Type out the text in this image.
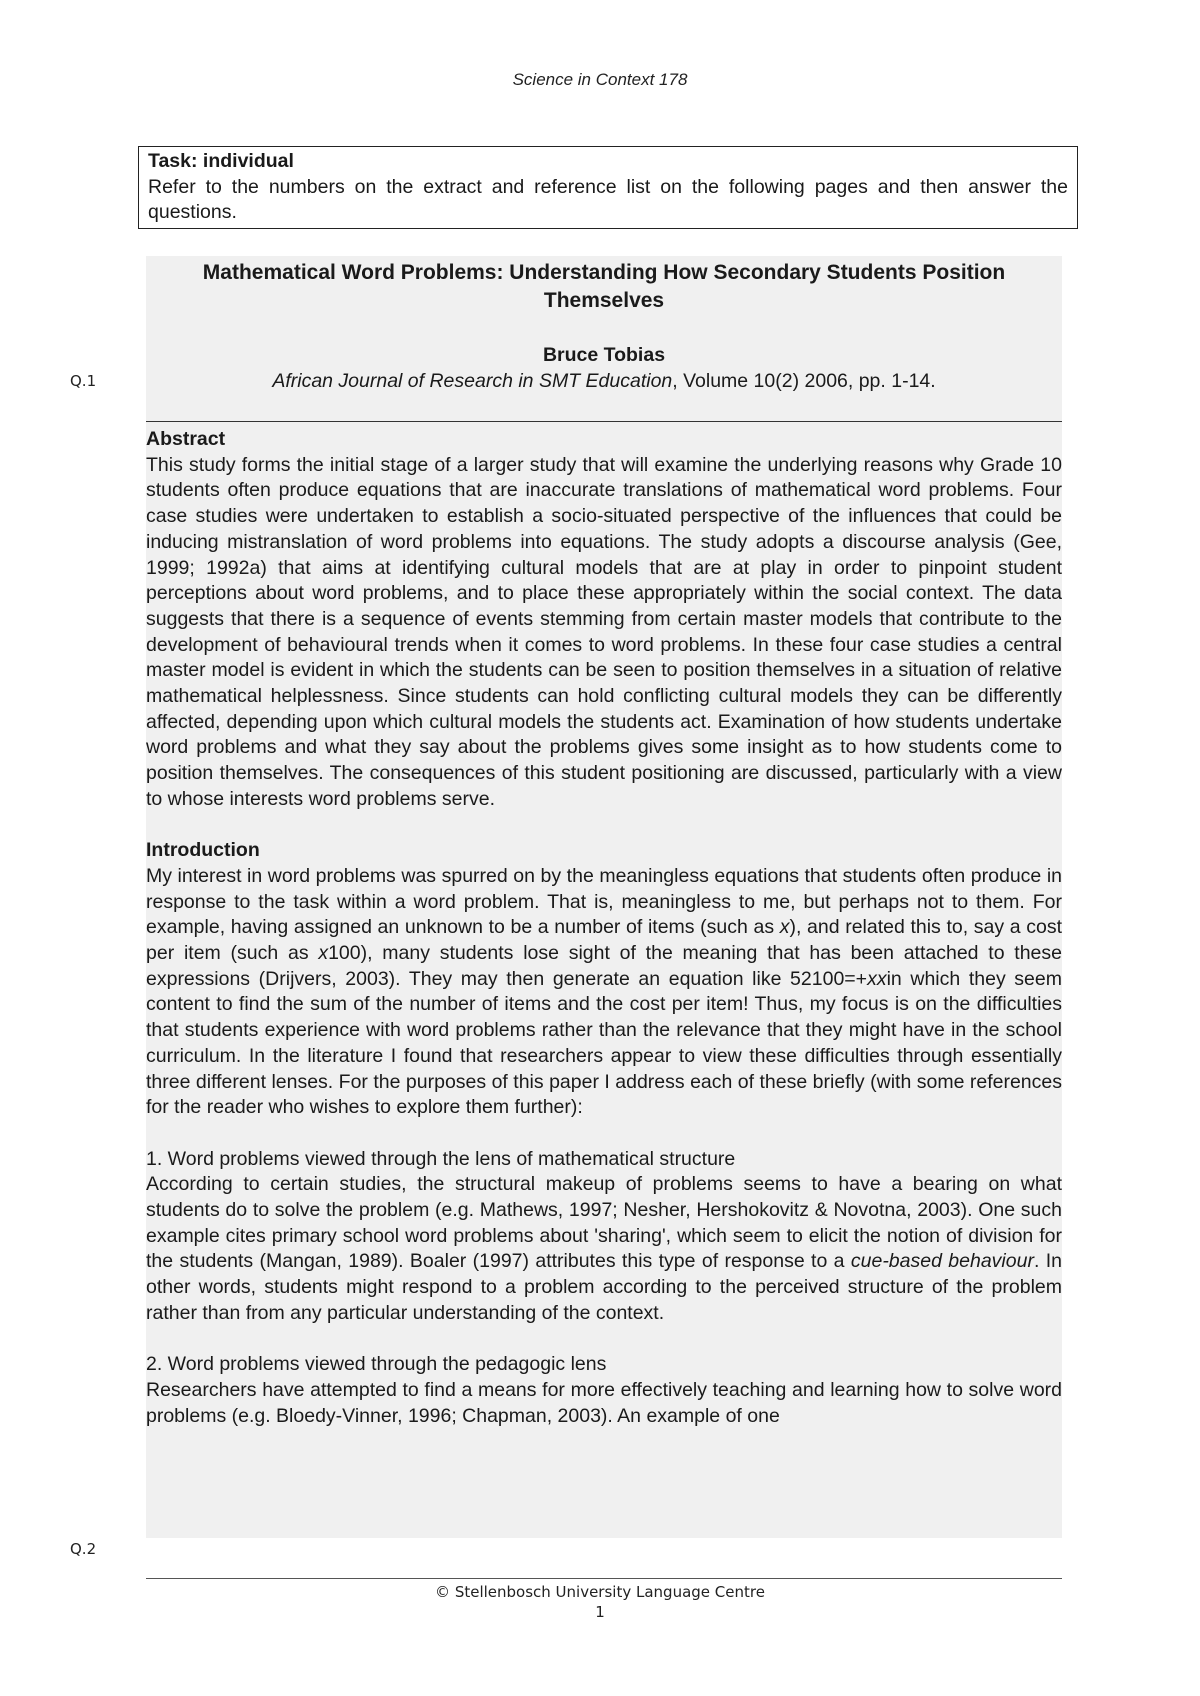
Science in Context 178
Task: individual
Refer to the numbers on the extract and reference list on the following pages and then answer the questions.
Mathematical Word Problems: Understanding How Secondary Students Position Themselves
Bruce Tobias
African Journal of Research in SMT Education, Volume 10(2) 2006, pp. 1-14.
Q.1

Abstract

This study forms the initial stage of a larger study that will examine the underlying reasons why Grade 10 students often produce equations that are inaccurate translations of mathematical word problems. Four case studies were undertaken to establish a socio-situated perspective of the influences that could be inducing mistranslation of word problems into equations. The study adopts a discourse analysis (Gee, 1999; 1992a) that aims at identifying cultural models that are at play in order to pinpoint student perceptions about word problems, and to place these appropriately within the social context. The data suggests that there is a sequence of events stemming from certain master models that contribute to the development of behavioural trends when it comes to word problems. In these four case studies a central master model is evident in which the students can be seen to position themselves in a situation of relative mathematical helplessness. Since students can hold conflicting cultural models they can be differently affected, depending upon which cultural models the students act. Examination of how students undertake word problems and what they say about the problems gives some insight as to how students come to position themselves. The consequences of this student positioning are discussed, particularly with a view to whose interests word problems serve.

Introduction

My interest in word problems was spurred on by the meaningless equations that students often produce in response to the task within a word problem. That is, meaningless to me, but perhaps not to them. For example, having assigned an unknown to be a number of items (such as x), and related this to, say a cost per item (such as x100), many students lose sight of the meaning that has been attached to these expressions (Drijvers, 2003). They may then generate an equation like 52100=+xxin which they seem content to find the sum of the number of items and the cost per item! Thus, my focus is on the difficulties that students experience with word problems rather than the relevance that they might have in the school curriculum. In the literature I found that researchers appear to view these difficulties through essentially three different lenses. For the purposes of this paper I address each of these briefly (with some references for the reader who wishes to explore them further):

1. Word problems viewed through the lens of mathematical structure

According to certain studies, the structural makeup of problems seems to have a bearing on what students do to solve the problem (e.g. Mathews, 1997; Nesher, Hershokovitz & Novotna, 2003). One such example cites primary school word problems about 'sharing', which seem to elicit the notion of division for the students (Mangan, 1989). Boaler (1997) attributes this type of response to a cue-based behaviour. In other words, students might respond to a problem according to the perceived structure of the problem rather than from any particular understanding of the context.

2. Word problems viewed through the pedagogic lens

Researchers have attempted to find a means for more effectively teaching and learning how to solve word problems (e.g. Bloedy-Vinner, 1996; Chapman, 2003). An example of one

Q.2
© Stellenbosch University Language Centre
1
